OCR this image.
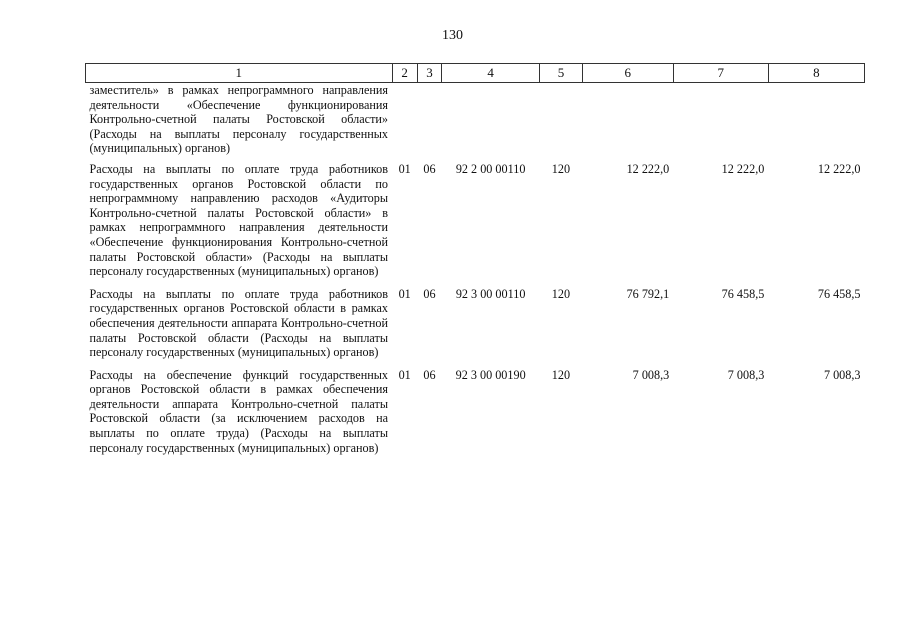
130
1	2	3	4	5	6	7	8
заместитель» в рамках непрограммного направления деятельности «Обеспечение функционирования Контрольно-счетной палаты Ростовской области» (Расходы на выплаты персоналу государственных (муниципальных) органов)							
Расходы на выплаты по оплате труда работников государственных органов Ростовской области по непрограммному направлению расходов «Аудиторы Контрольно-счетной палаты Ростовской области» в рамках непрограммного направления деятельности «Обеспечение функционирования Контрольно-счетной палаты Ростовской области» (Расходы на выплаты персоналу государственных (муниципальных) органов)	01	06	92 2 00 00110	120	12 222,0	12 222,0	12 222,0
Расходы на выплаты по оплате труда работников государственных органов Ростовской области в рамках обеспечения деятельности аппарата Контрольно-счетной палаты Ростовской области (Расходы на выплаты персоналу государственных (муниципальных) органов)	01	06	92 3 00 00110	120	76 792,1	76 458,5	76 458,5
Расходы на обеспечение функций государственных органов Ростовской области в рамках обеспечения деятельности аппарата Контрольно-счетной палаты Ростовской области (за исключением расходов на выплаты по оплате труда) (Расходы на выплаты персоналу государственных (муниципальных) органов)	01	06	92 3 00 00190	120	7 008,3	7 008,3	7 008,3
